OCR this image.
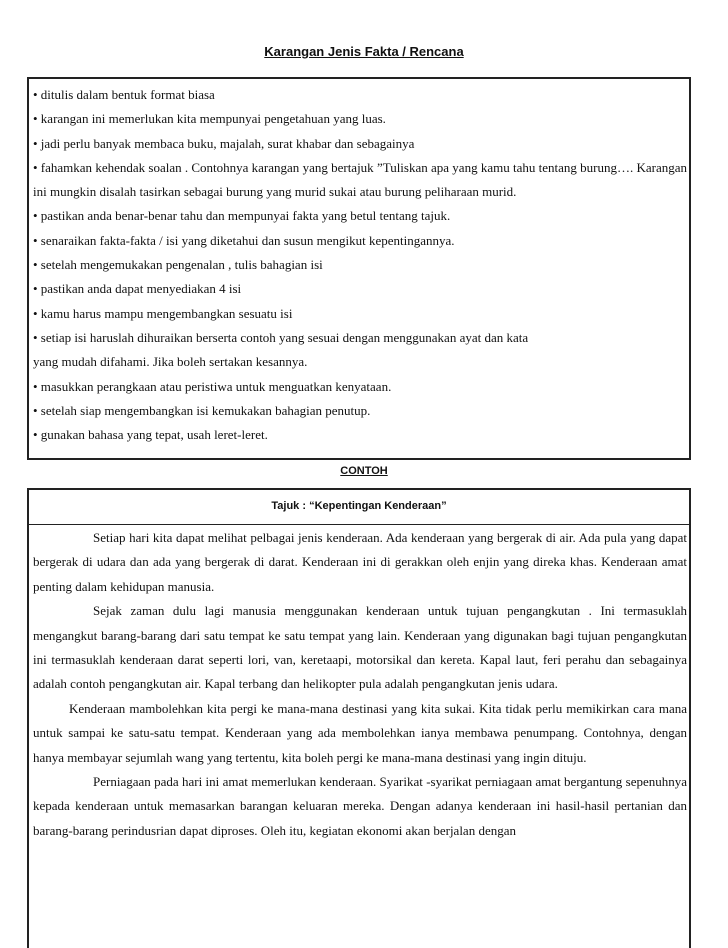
Karangan Jenis Fakta / Rencana
• ditulis dalam bentuk format biasa
• karangan ini memerlukan kita mempunyai pengetahuan yang luas.
• jadi perlu banyak membaca buku, majalah, surat khabar dan sebagainya
• fahamkan kehendak soalan . Contohnya karangan yang bertajuk ”Tuliskan apa yang kamu tahu tentang burung…. Karangan ini mungkin disalah tasirkan sebagai burung yang murid sukai atau burung peliharaan murid.
• pastikan anda benar-benar tahu dan mempunyai fakta yang betul tentang tajuk.
• senaraikan fakta-fakta / isi yang diketahui dan susun mengikut kepentingannya.
• setelah mengemukakan pengenalan , tulis bahagian isi
• pastikan anda dapat menyediakan 4 isi
• kamu harus mampu mengembangkan sesuatu isi
• setiap isi haruslah dihuraikan berserta contoh yang sesuai dengan menggunakan ayat dan kata
yang mudah difahami. Jika boleh sertakan kesannya.
• masukkan perangkaan atau peristiwa untuk menguatkan kenyataan.
• setelah siap mengembangkan isi kemukakan bahagian penutup.
• gunakan bahasa yang tepat, usah leret-leret.
CONTOH
Tajuk : “Kepentingan Kenderaan”

Setiap hari kita dapat melihat pelbagai jenis kenderaan. Ada kenderaan yang bergerak di air. Ada pula yang dapat bergerak di udara dan ada yang bergerak di darat. Kenderaan ini di gerakkan oleh enjin yang direka khas. Kenderaan amat penting dalam kehidupan manusia.

Sejak zaman dulu lagi manusia menggunakan kenderaan untuk tujuan pengangkutan . Ini termasuklah mengangkut barang-barang dari satu tempat ke satu tempat yang lain. Kenderaan yang digunakan bagi tujuan pengangkutan ini termasuklah kenderaan darat seperti lori, van, keretaapi, motorsikal dan kereta. Kapal laut, feri perahu dan sebagainya adalah contoh pengangkutan air. Kapal terbang dan helikopter pula adalah pengangkutan jenis udara.

Kenderaan mambolehkan kita pergi ke mana-mana destinasi yang kita sukai. Kita tidak perlu memikirkan cara mana untuk sampai ke satu-satu tempat. Kenderaan yang ada membolehkan ianya membawa penumpang. Contohnya, dengan hanya membayar sejumlah wang yang tertentu, kita boleh pergi ke mana-mana destinasi yang ingin dituju.

Perniagaan pada hari ini amat memerlukan kenderaan. Syarikat -syarikat perniagaan amat bergantung sepenuhnya kepada kenderaan untuk memasarkan barangan keluaran mereka. Dengan adanya kenderaan ini hasil-hasil pertanian dan barang-barang perindusrian dapat diproses. Oleh itu, kegiatan ekonomi akan berjalan dengan
